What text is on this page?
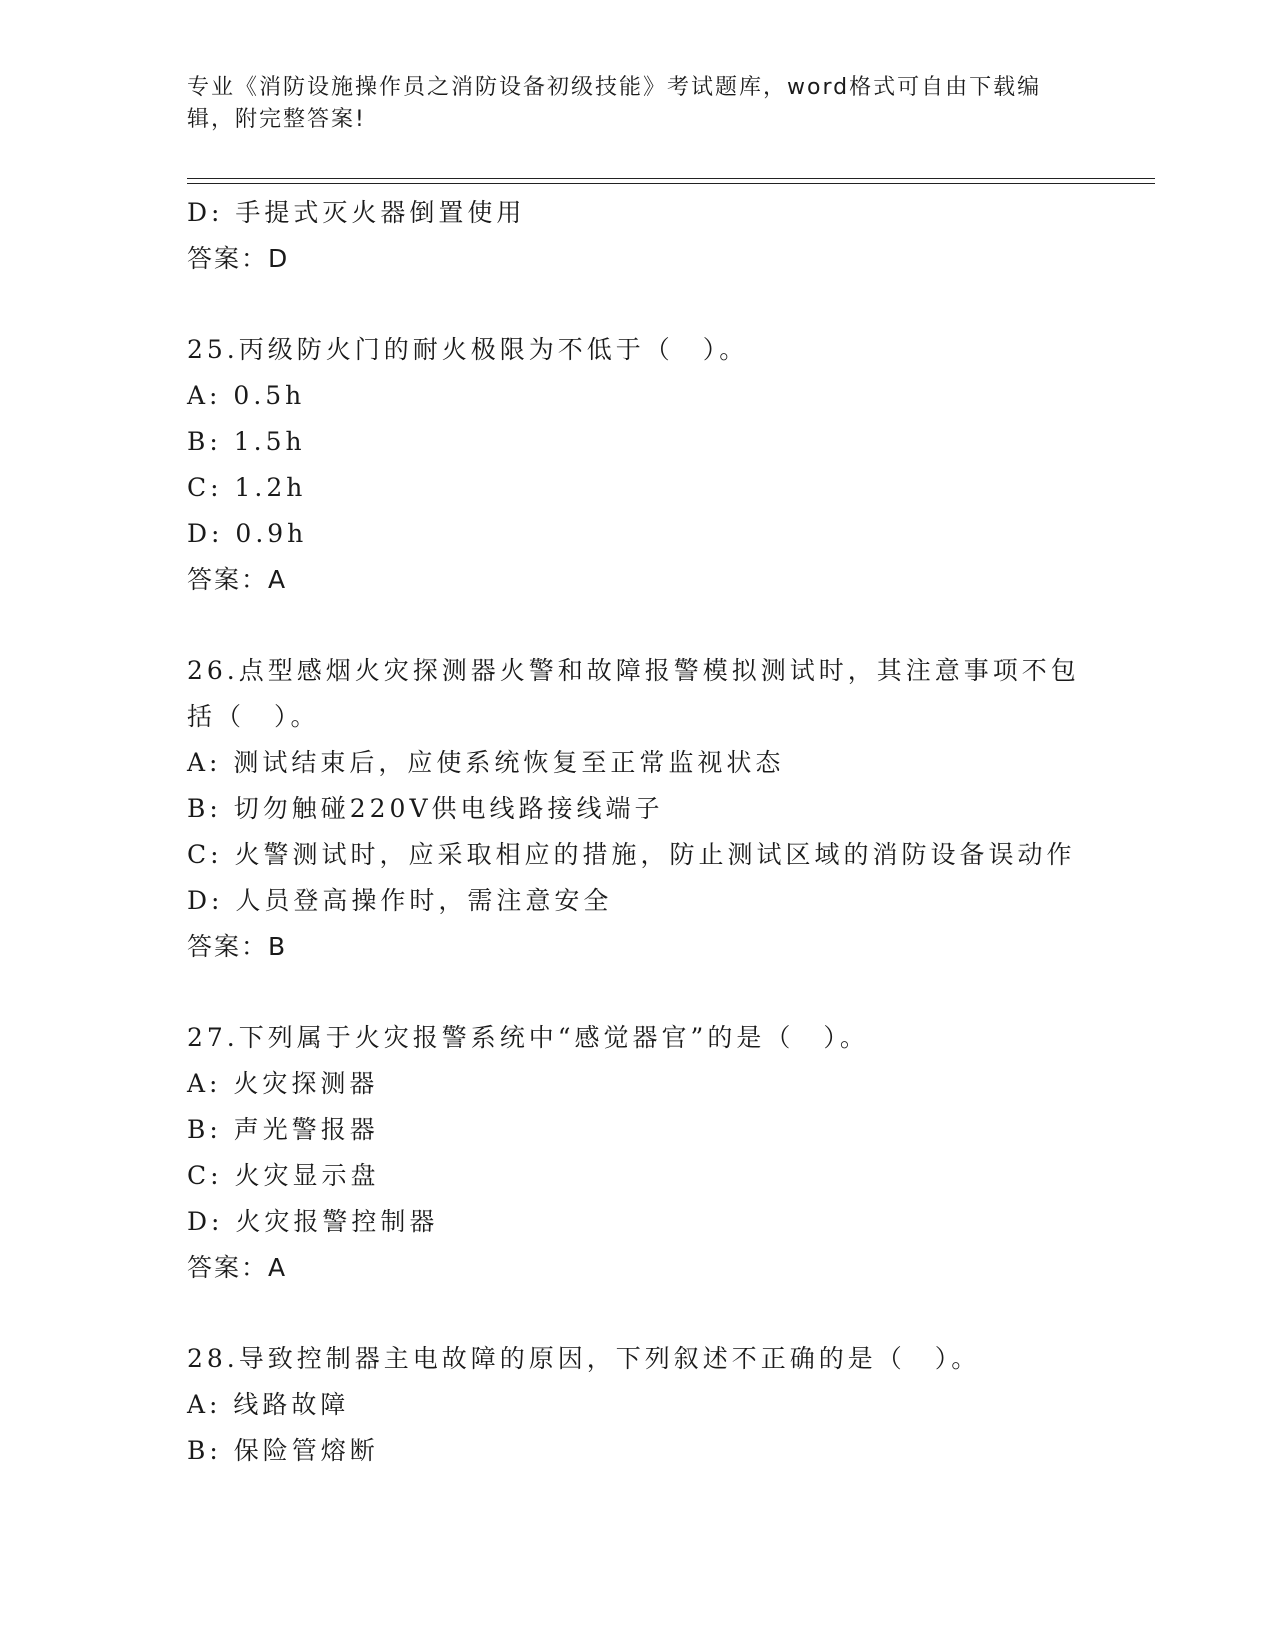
专业《消防设施操作员之消防设备初级技能》考试题库，word格式可自由下载编
辑，附完整答案!
D: 手提式灭火器倒置使用
答案：D
25.丙级防火门的耐火极限为不低于（　）。
A: 0.5h
B: 1.5h
C: 1.2h
D: 0.9h
答案：A
26.点型感烟火灾探测器火警和故障报警模拟测试时，其注意事项不包
括（　）。
A: 测试结束后，应使系统恢复至正常监视状态
B: 切勿触碰220V供电线路接线端子
C: 火警测试时，应采取相应的措施，防止测试区域的消防设备误动作
D: 人员登高操作时，需注意安全
答案：B
27.下列属于火灾报警系统中“感觉器官”的是（　）。
A: 火灾探测器
B: 声光警报器
C: 火灾显示盘
D: 火灾报警控制器
答案：A
28.导致控制器主电故障的原因，下列叙述不正确的是（　）。
A: 线路故障
B: 保险管熔断
